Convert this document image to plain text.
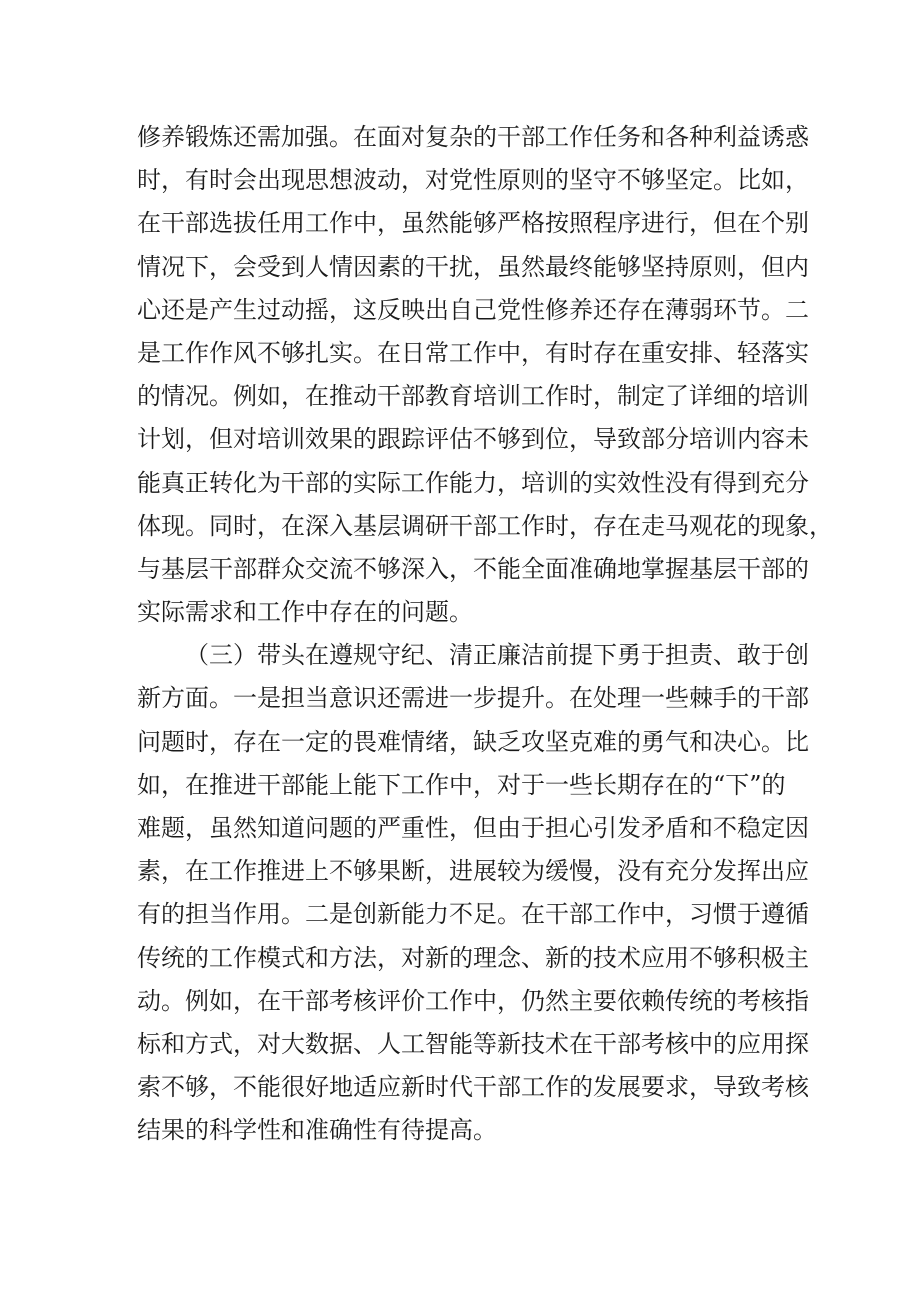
修养锻炼还需加强。在面对复杂的干部工作任务和各种利益诱惑
时，有时会出现思想波动，对党性原则的坚守不够坚定。比如，
在干部选拔任用工作中，虽然能够严格按照程序进行，但在个别
情况下，会受到人情因素的干扰，虽然最终能够坚持原则，但内
心还是产生过动摇，这反映出自己党性修养还存在薄弱环节。二
是工作作风不够扎实。在日常工作中，有时存在重安排、轻落实
的情况。例如，在推动干部教育培训工作时，制定了详细的培训
计划，但对培训效果的跟踪评估不够到位，导致部分培训内容未
能真正转化为干部的实际工作能力，培训的实效性没有得到充分
体现。同时，在深入基层调研干部工作时，存在走马观花的现象，
与基层干部群众交流不够深入，不能全面准确地掌握基层干部的
实际需求和工作中存在的问题。
（三）带头在遵规守纪、清正廉洁前提下勇于担责、敢于创
新方面。一是担当意识还需进一步提升。在处理一些棘手的干部
问题时，存在一定的畏难情绪，缺乏攻坚克难的勇气和决心。比
如，在推进干部能上能下工作中，对于一些长期存在的“下”的
难题，虽然知道问题的严重性，但由于担心引发矛盾和不稳定因
素，在工作推进上不够果断，进展较为缓慢，没有充分发挥出应
有的担当作用。二是创新能力不足。在干部工作中，习惯于遵循
传统的工作模式和方法，对新的理念、新的技术应用不够积极主
动。例如，在干部考核评价工作中，仍然主要依赖传统的考核指
标和方式，对大数据、人工智能等新技术在干部考核中的应用探
索不够，不能很好地适应新时代干部工作的发展要求，导致考核
结果的科学性和准确性有待提高。
